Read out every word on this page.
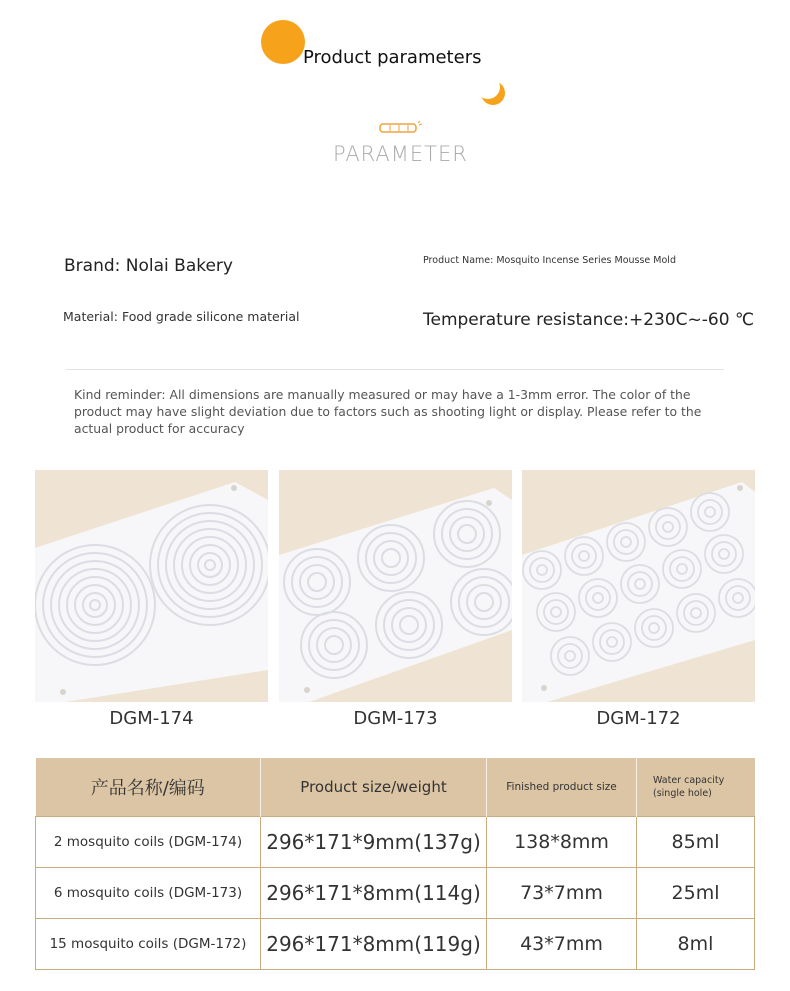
Product parameters
PARAMETER
Brand: Nolai Bakery	Product Name: Mosquito Incense Series Mousse Mold
Material: Food grade silicone material	Temperature resistance:+230C~-60 ℃
Kind reminder: All dimensions are manually measured or may have a 1-3mm error. The color of the product may have slight deviation due to factors such as shooting light or display. Please refer to the actual product for accuracy
DGM-174	DGM-173	DGM-172
产品名称/编码	Product size/weight	Finished product size	Water capacity (single hole)
2 mosquito coils (DGM-174)	296*171*9mm(137g)	138*8mm	85ml
6 mosquito coils (DGM-173)	296*171*8mm(114g)	73*7mm	25ml
15 mosquito coils (DGM-172)	296*171*8mm(119g)	43*7mm	8ml
